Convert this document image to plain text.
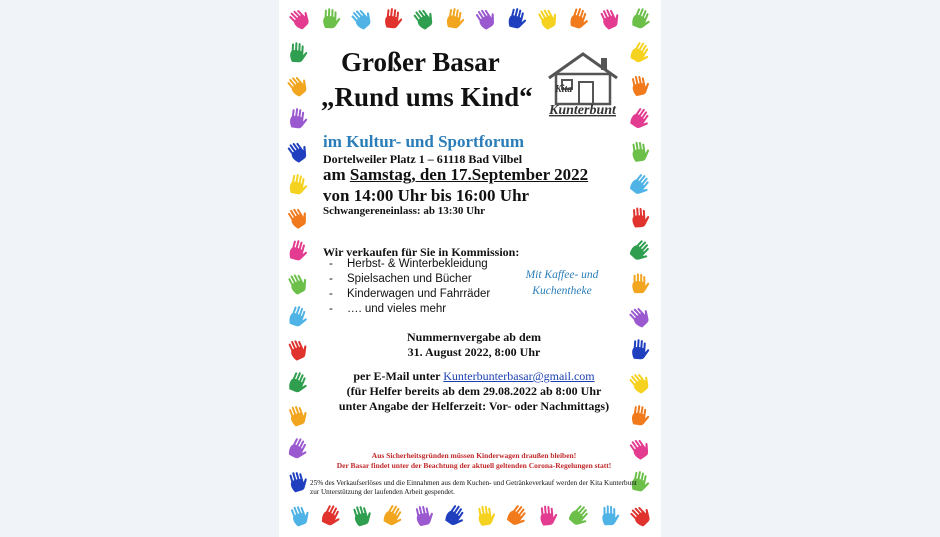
Großer Basar
„Rund ums Kind“ Kita
Kunterbunt

im Kultur- und Sportforum

Dortelweiler Platz 1 – 61118 Bad Vilbel

am Samstag, den 17.September 2022

von 14:00 Uhr bis 16:00 Uhr

Schwangereneinlass: ab 13:30 Uhr

Wir verkaufen für Sie in Kommission:

- Herbst- & Winterbekleidung
- Spielsachen und Bücher
- Kinderwagen und Fahrräder
- …. und vieles mehr
Mit Kaffee- und
Kuchentheke
Nummernvergabe ab dem
31. August 2022, 8:00 Uhr
per E-Mail unter Kunterbunterbasar@gmail.com
(für Helfer bereits ab dem 29.08.2022 ab 8:00 Uhr
unter Angabe der Helferzeit: Vor- oder Nachmittags)
Aus Sicherheitsgründen müssen Kinderwagen draußen bleiben!
Der Basar findet unter der Beachtung der aktuell geltenden Corona-Regelungen statt!

25% des Verkaufserlöses und die Einnahmen aus dem Kuchen- und Getränkeverkauf werden der Kita Kunterbunt zur Unterstützung der laufenden Arbeit gespendet.
